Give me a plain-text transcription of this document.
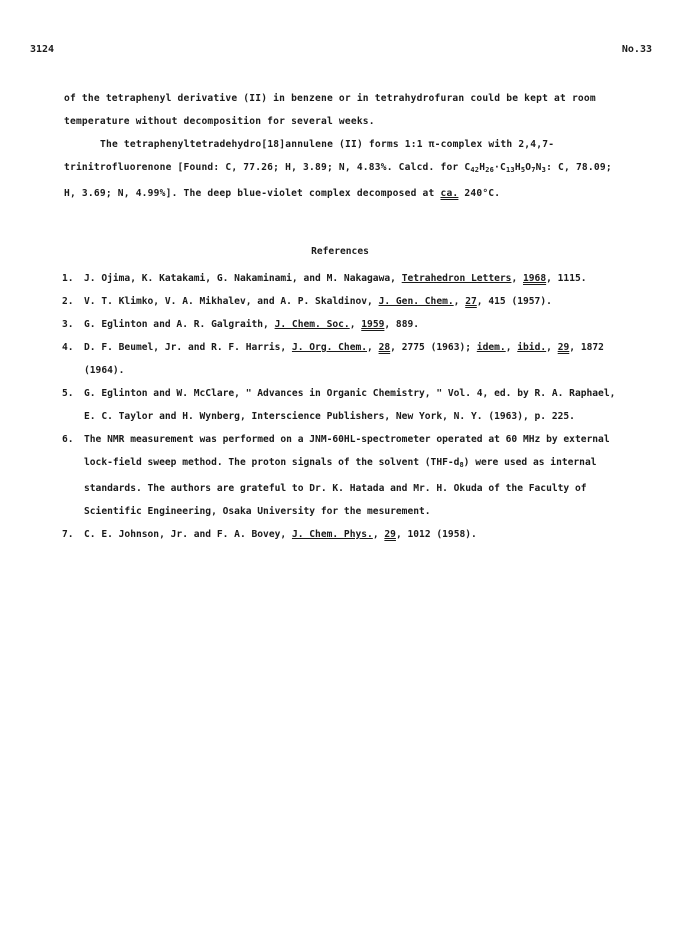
3124	No.33
of the tetraphenyl derivative (II) in benzene or in tetrahydrofuran could be kept at room temperature without decomposition for several weeks.
The tetraphenyltetradehydro[18]annulene (II) forms 1:1 π-complex with 2,4,7-trinitrofluorenone [Found: C, 77.26; H, 3.89; N, 4.83%. Calcd. for $C_{42}H_{26}\cdot C_{13}H_5O_7N_3$: C, 78.09; H, 3.69; N, 4.99%]. The deep blue-violet complex decomposed at ca. 240°C.
References
1.	J. Ojima, K. Katakami, G. Nakaminami, and M. Nakagawa, Tetrahedron Letters, 1968, 1115.
2.	V. T. Klimko, V. A. Mikhalev, and A. P. Skaldinov, J. Gen. Chem., 27, 415 (1957).
3.	G. Eglinton and A. R. Galgraith, J. Chem. Soc., 1959, 889.
4.	D. F. Beumel, Jr. and R. F. Harris, J. Org. Chem., 28, 2775 (1963); idem., ibid., 29, 1872 (1964).
5.	G. Eglinton and W. McClare, " Advances in Organic Chemistry, " Vol. 4, ed. by R. A. Raphael, E. C. Taylor and H. Wynberg, Interscience Publishers, New York, N. Y. (1963), p. 225.
6.	The NMR measurement was performed on a JNM-60HL-spectrometer operated at 60 MHz by external lock-field sweep method. The proton signals of the solvent $(THF-d_8)$ were used as internal standards. The authors are grateful to Dr. K. Hatada and Mr. H. Okuda of the Faculty of Scientific Engineering, Osaka University for the mesurement.
7.	C. E. Johnson, Jr. and F. A. Bovey, J. Chem. Phys., 29, 1012 (1958).
